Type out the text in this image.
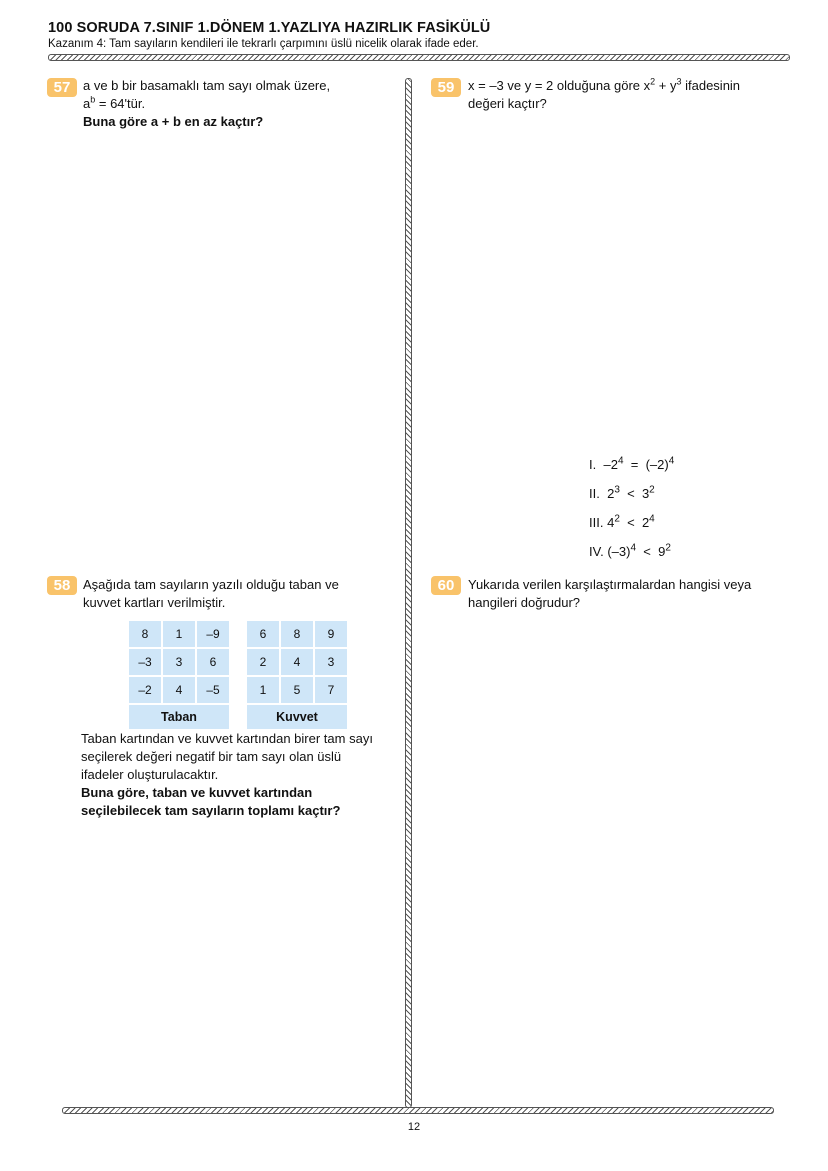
100 SORUDA 7.SINIF 1.DÖNEM 1.YAZLIYA HAZIRLIK FASİKÜLÜ
Kazanım 4: Tam sayıların kendileri ile tekrarlı çarpımını üslü nicelik olarak ifade eder.
57 a ve b bir basamaklı tam sayı olmak üzere,

$a^b$ = 64'tür.

Buna göre a + b en az kaçtır?

58 Aşağıda tam sayıların yazılı olduğu taban ve

kuvvet kartları verilmiştir.

8	1	–9
–3	3	6
–2	4	–5
Taban		
6	8	9
2	4	3
1	5	7
Kuvvet		

Taban kartından ve kuvvet kartından birer tam sayı

seçilerek değeri negatif bir tam sayı olan üslü

ifadeler oluşturulacaktır.

Buna göre, taban ve kuvvet kartından

seçilebilecek tam sayıların toplamı kaçtır?

59	x = –3 ve y = 2 olduğuna göre $x^2 + y^3$ ifadesinin

değeri kaçtır?

I. $-2^4 = (-2)^4$
II. $2^3 < 3^2$
III. $4^2 < 2^4$
IV. $(-3)^4 < 9^2$
60	Yukarıda verilen karşılaştırmalardan hangisi veya

hangileri doğrudur?

12
